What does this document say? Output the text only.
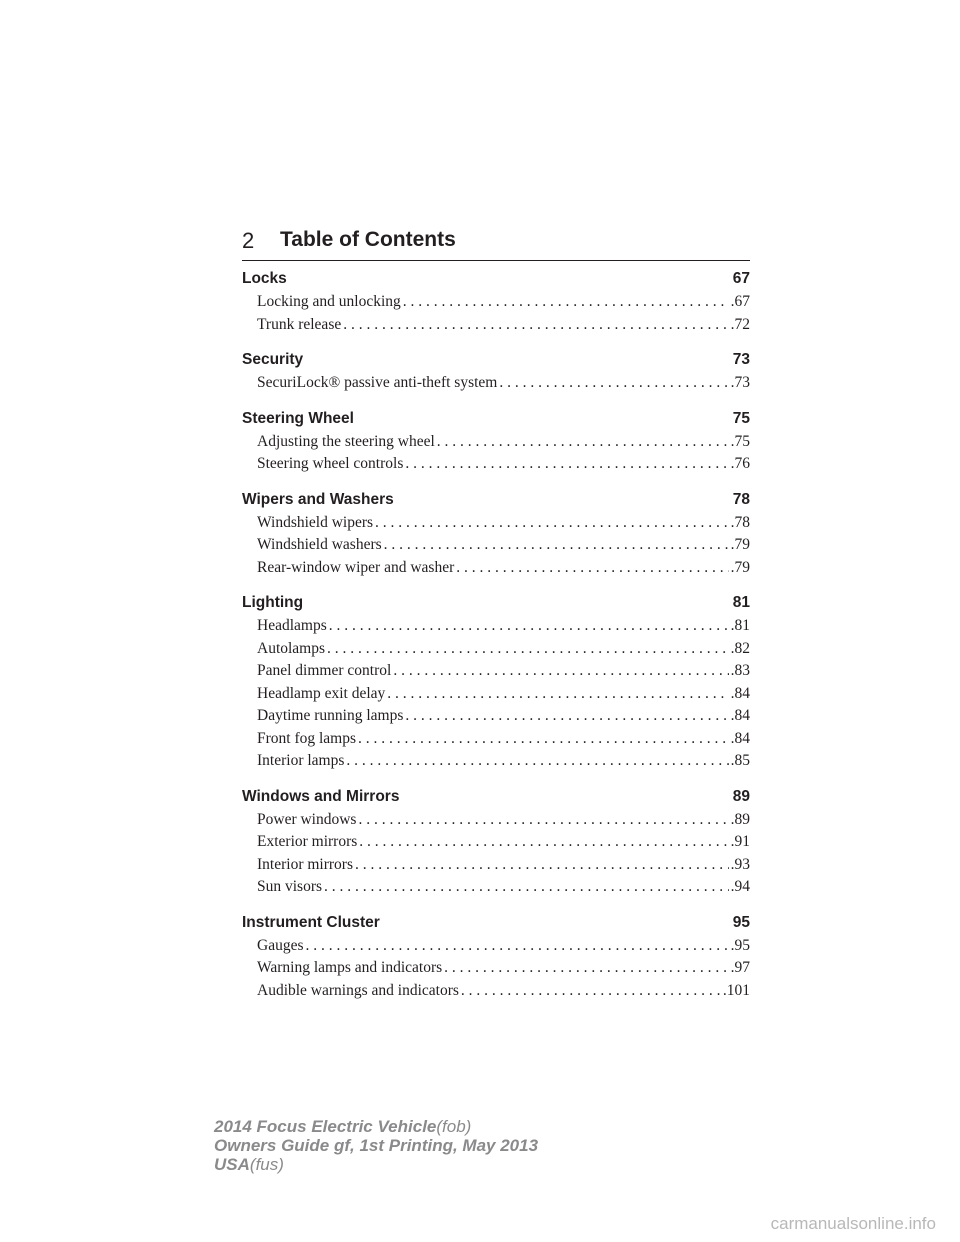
2 Table of Contents
Locks	67
Locking and unlocking . . .	.67
Trunk release . . .	.72
Security	73
SecuriLock® passive anti-theft system . . .	.73
Steering Wheel	75
Adjusting the steering wheel . . .	.75
Steering wheel controls . . .	.76
Wipers and Washers	78
Windshield wipers . . .	.78
Windshield washers . . .	.79
Rear-window wiper and washer . . .	.79
Lighting	81
Headlamps . . .	.81
Autolamps . . .	.82
Panel dimmer control . . .	.83
Headlamp exit delay . . .	.84
Daytime running lamps . . .	.84
Front fog lamps . . .	.84
Interior lamps . . .	.85
Windows and Mirrors	89
Power windows . . .	.89
Exterior mirrors . . .	.91
Interior mirrors . . .	.93
Sun visors . . .	.94
Instrument Cluster	95
Gauges . . .	.95
Warning lamps and indicators . . .	.97
Audible warnings and indicators . . .	.101
2014 Focus Electric Vehicle(fob)
Owners Guide gf, 1st Printing, May 2013
USA(fus)
carmanualsonline.info
